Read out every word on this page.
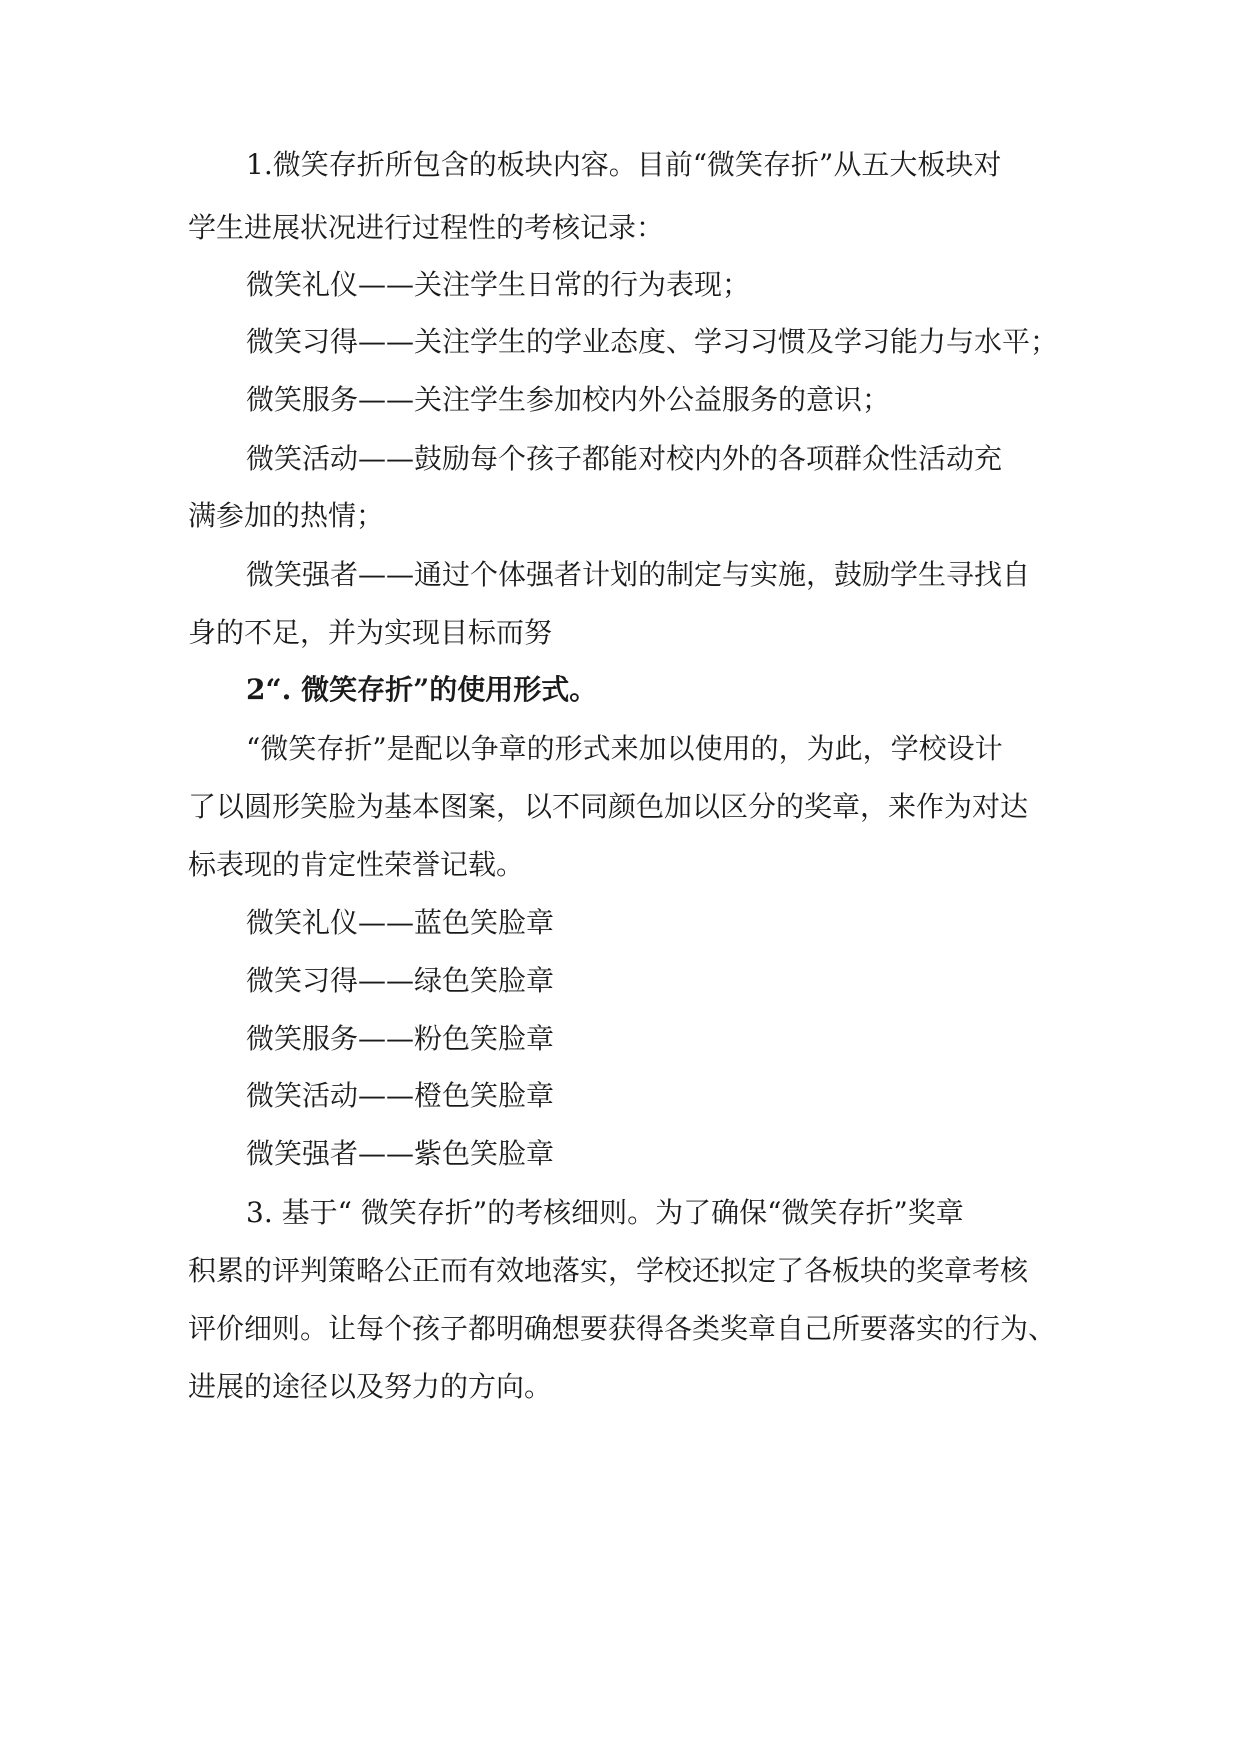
1.微笑存折所包含的板块内容。目前“微笑存折”从五大板块对
学生进展状况进行过程性的考核记录：
微笑礼仪——关注学生日常的行为表现；
微笑习得——关注学生的学业态度、学习习惯及学习能力与水平；
微笑服务——关注学生参加校内外公益服务的意识；
微笑活动——鼓励每个孩子都能对校内外的各项群众性活动充
满参加的热情；
微笑强者——通过个体强者计划的制定与实施，鼓励学生寻找自
身的不足，并为实现目标而努
2“. 微笑存折”的使用形式。
“微笑存折”是配以争章的形式来加以使用的，为此，学校设计
了以圆形笑脸为基本图案，以不同颜色加以区分的奖章，来作为对达
标表现的肯定性荣誉记载。
微笑礼仪——蓝色笑脸章
微笑习得——绿色笑脸章
微笑服务——粉色笑脸章
微笑活动——橙色笑脸章
微笑强者——紫色笑脸章
3. 基于“ 微笑存折”的考核细则。为了确保“微笑存折”奖章
积累的评判策略公正而有效地落实，学校还拟定了各板块的奖章考核
评价细则。让每个孩子都明确想要获得各类奖章自己所要落实的行为、
进展的途径以及努力的方向。
